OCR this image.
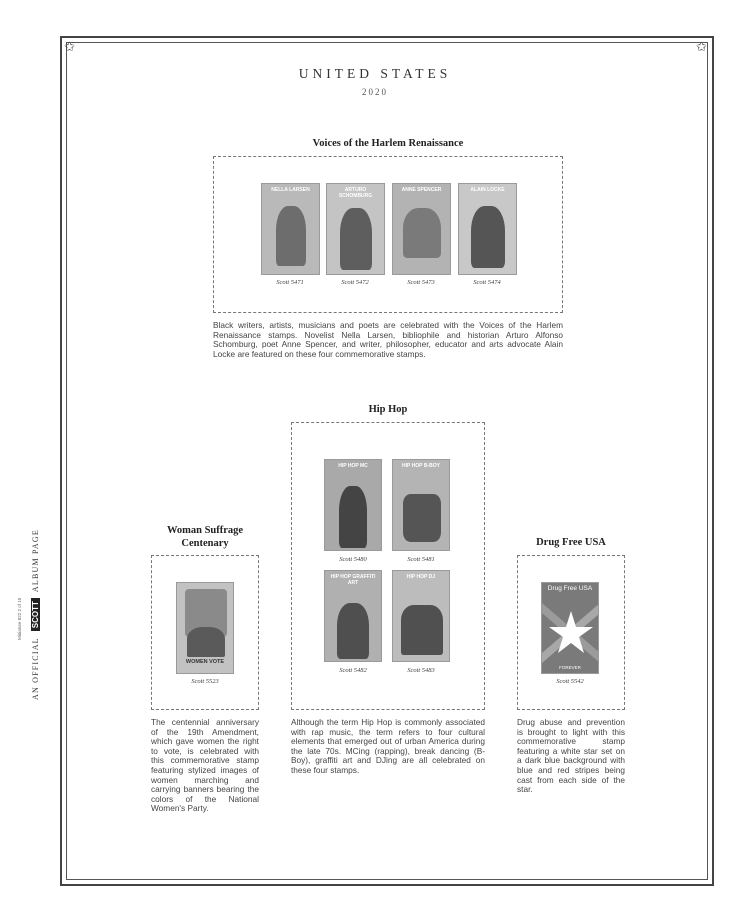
✩	✩
UNITED STATES
2020
AN OFFICIALSCOTTALBUM PAGE
Miniature 822 2 of 10
Voices of the Harlem Renaissance
NELLA LARSEN	ARTURO SCHOMBURG
ANNE SPENCER	ALAIN LOCKE
Scott 5471	Scott 5472	Scott 5473	Scott 5474

Black writers, artists, musicians and poets are celebrated with the Voices of the Harlem Renaissance stamps. Novelist Nella Larsen, bibliophile and historian Arturo Alfonso Schomburg, poet Anne Spencer, and writer, philosopher, educator and arts advocate Alain Locke are featured on these four commemorative stamps.

Hip Hop
HIP HOP MC	HIP HOP B-BOY
Scott 5480	Scott 5481
HIP HOP GRAFFITI ART
HIP HOP DJ
Scott 5482	Scott 5483

Although the term Hip Hop is commonly associated with rap music, the term refers to four cultural elements that emerged out of urban America during the late 70s. MCing (rapping), break dancing (B-Boy), graffiti art and DJing are all celebrated on these four stamps.

Woman Suffrage
Centenary
WOMEN VOTE
Scott 5523

The centennial anniversary of the 19th Amendment, which gave women the right to vote, is celebrated with this commemorative stamp featuring stylized images of women marching and carrying banners bearing the colors of the National Women's Party.

Drug Free USA
Drug Free USA
FOREVER
Scott 5542

Drug abuse and prevention is brought to light with this commemorative stamp featuring a white star set on a dark blue background with blue and red stripes being cast from each side of the star.
